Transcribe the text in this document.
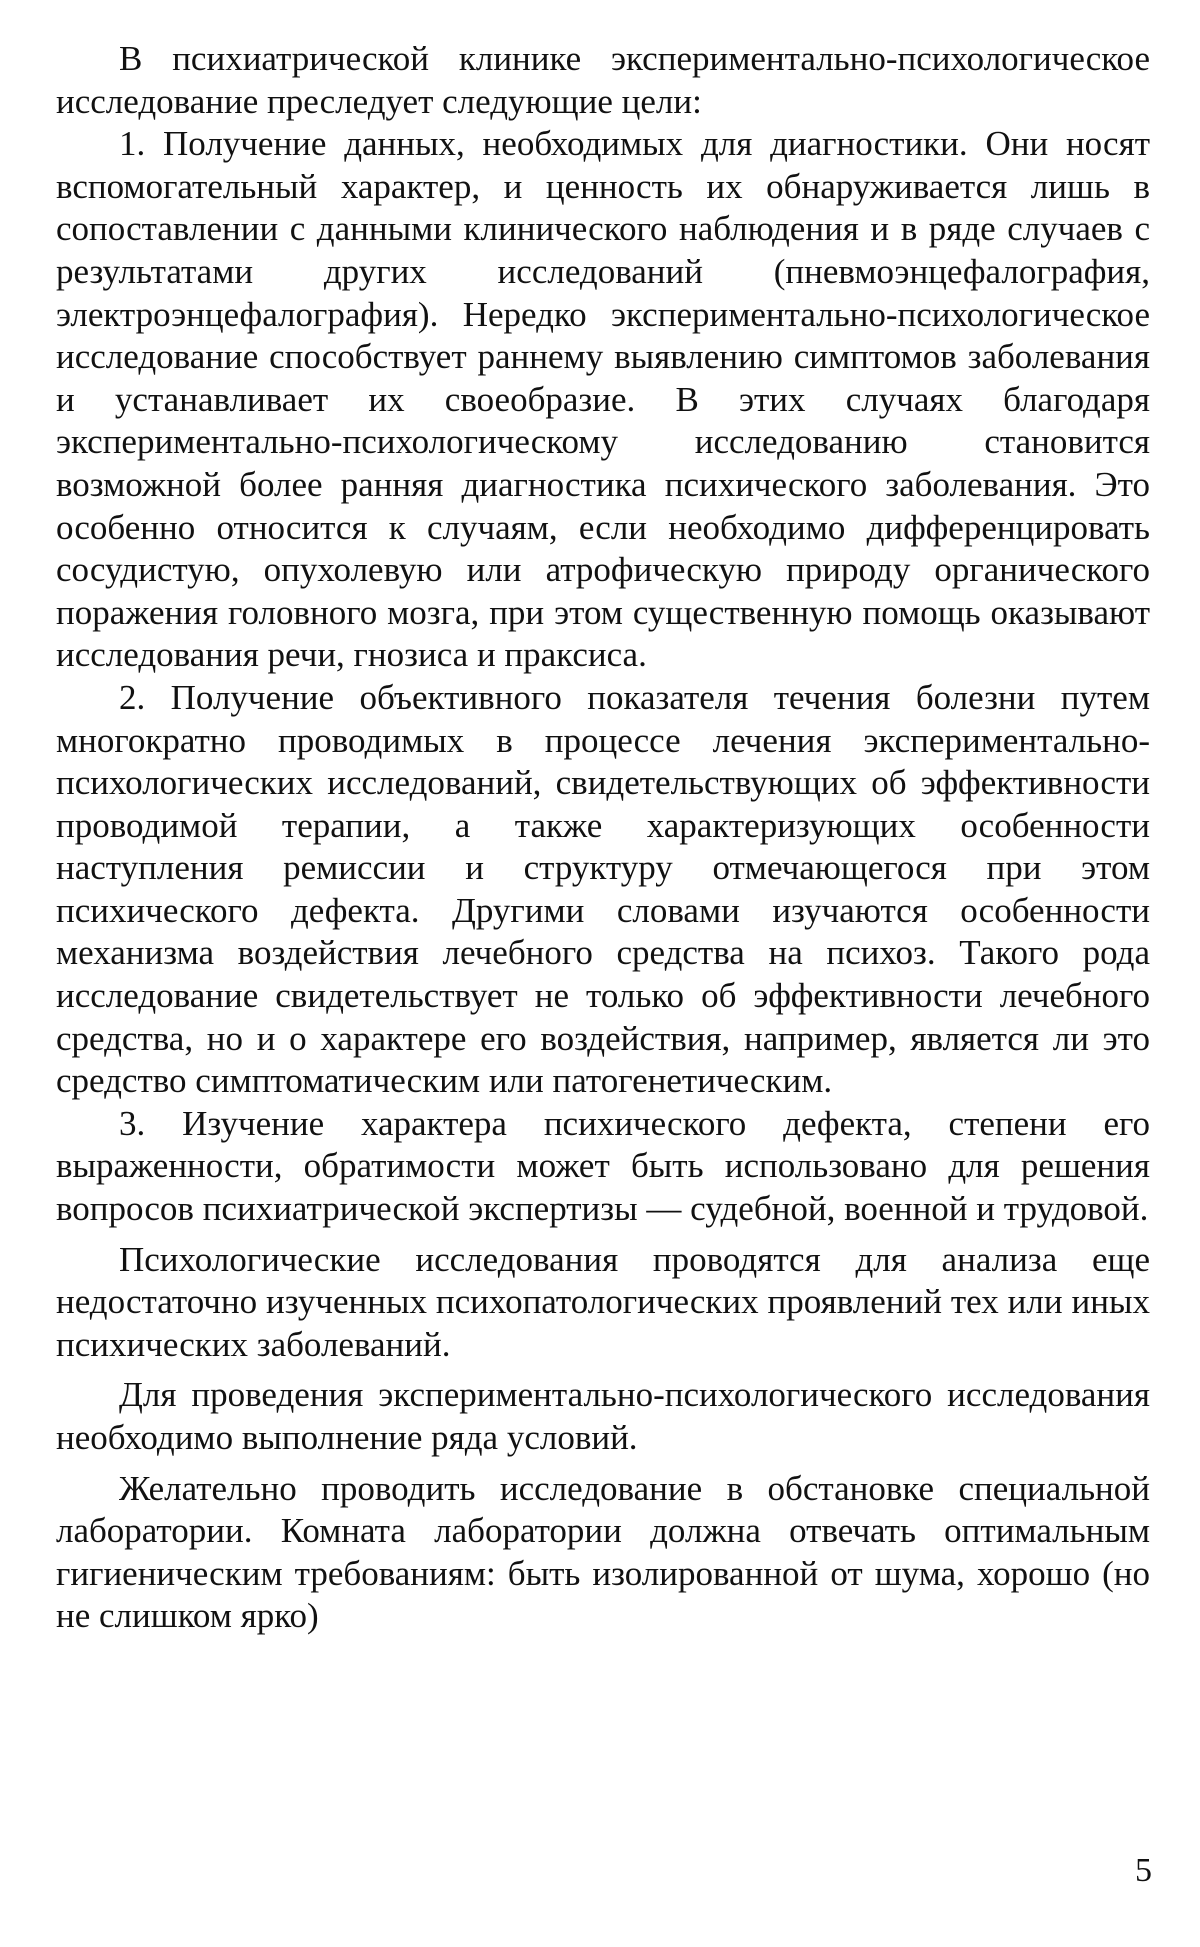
В психиатрической клинике экспериментально-психологическое исследование преследует следующие цели:

1. Получение данных, необходимых для диагностики. Они носят вспомогательный характер, и ценность их обнаруживается лишь в сопоставлении с данными клинического наблюдения и в ряде случаев с результатами других исследований (пневмоэнцефалография, электроэнцефалография). Нередко экспериментально-психологическое исследование способствует раннему выявлению симптомов заболевания и устанавливает их своеобразие. В этих случаях благодаря экспериментально-психологическому исследованию становится возможной более ранняя диагностика психического заболевания. Это особенно относится к случаям, если необходимо дифференцировать сосудистую, опухолевую или атрофическую природу органического поражения головного мозга, при этом существенную помощь оказывают исследования речи, гнозиса и праксиса.

2. Получение объективного показателя течения болезни путем многократно проводимых в процессе лечения экспериментально-психологических исследований, свидетельствующих об эффективности проводимой терапии, а также характеризующих особенности наступления ремиссии и структуру отмечающегося при этом психического дефекта. Другими словами изучаются особенности механизма воздействия лечебного средства на психоз. Такого рода исследование свидетельствует не только об эффективности лечебного средства, но и о характере его воздействия, например, является ли это средство симптоматическим или патогенетическим.

3. Изучение характера психического дефекта, степени его выраженности, обратимости может быть использовано для решения вопросов психиатрической экспертизы — судебной, военной и трудовой.

Психологические исследования проводятся для анализа еще недостаточно изученных психопатологических проявлений тех или иных психических заболеваний.

Для проведения экспериментально-психологического исследования необходимо выполнение ряда условий.

Желательно проводить исследование в обстановке специальной лаборатории. Комната лаборатории должна отвечать оптимальным гигиеническим требованиям: быть изолированной от шума, хорошо (но не слишком ярко)

5
